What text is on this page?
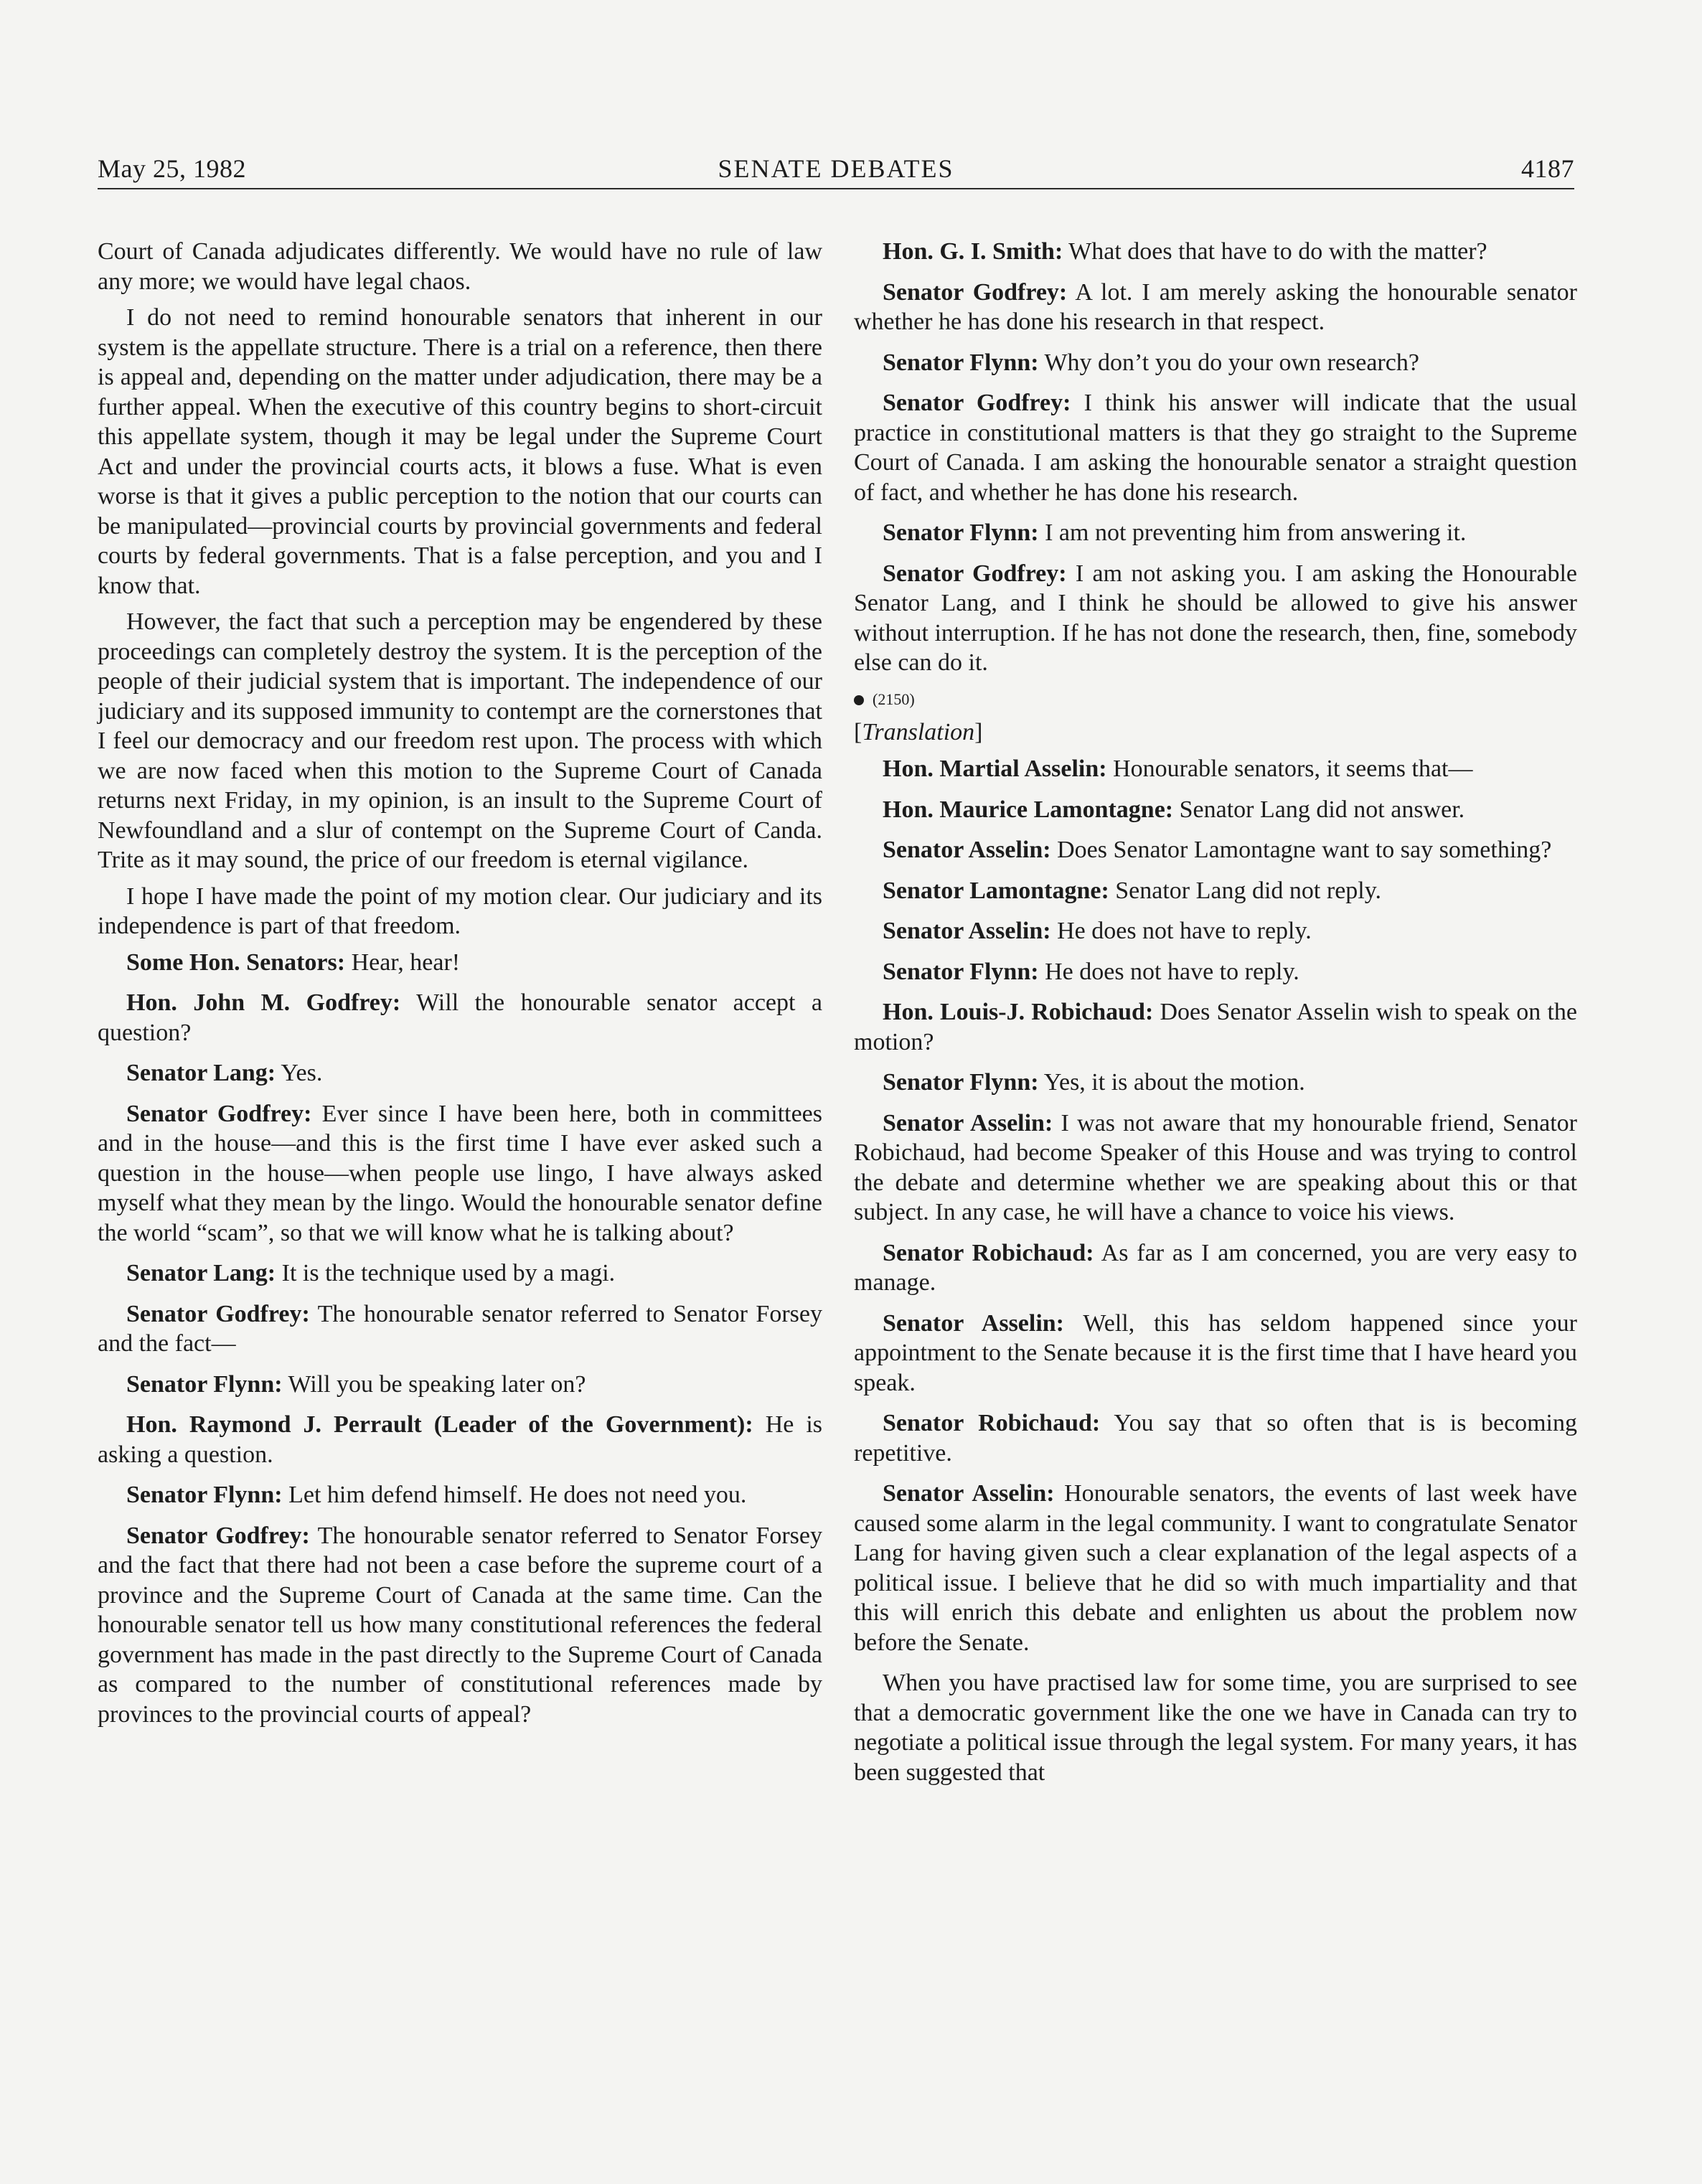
May 25, 1982	SENATE DEBATES	4187

Court of Canada adjudicates differently. We would have no rule of law any more; we would have legal chaos.

I do not need to remind honourable senators that inherent in our system is the appellate structure. There is a trial on a reference, then there is appeal and, depending on the matter under adjudication, there may be a further appeal. When the executive of this country begins to short-circuit this appellate system, though it may be legal under the Supreme Court Act and under the provincial courts acts, it blows a fuse. What is even worse is that it gives a public perception to the notion that our courts can be manipulated—provincial courts by provincial governments and federal courts by federal governments. That is a false perception, and you and I know that.

However, the fact that such a perception may be engendered by these proceedings can completely destroy the system. It is the perception of the people of their judicial system that is important. The independence of our judiciary and its supposed immunity to contempt are the cornerstones that I feel our democracy and our freedom rest upon. The process with which we are now faced when this motion to the Supreme Court of Canada returns next Friday, in my opinion, is an insult to the Supreme Court of Newfoundland and a slur of contempt on the Supreme Court of Canda. Trite as it may sound, the price of our freedom is eternal vigilance.

I hope I have made the point of my motion clear. Our judiciary and its independence is part of that freedom.

Some Hon. Senators: Hear, hear!

Hon. John M. Godfrey: Will the honourable senator accept a question?

Senator Lang: Yes.

Senator Godfrey: Ever since I have been here, both in committees and in the house—and this is the first time I have ever asked such a question in the house—when people use lingo, I have always asked myself what they mean by the lingo. Would the honourable senator define the world “scam”, so that we will know what he is talking about?

Senator Lang: It is the technique used by a magi.

Senator Godfrey: The honourable senator referred to Senator Forsey and the fact—

Senator Flynn: Will you be speaking later on?

Hon. Raymond J. Perrault (Leader of the Government): He is asking a question.

Senator Flynn: Let him defend himself. He does not need you.

Senator Godfrey: The honourable senator referred to Senator Forsey and the fact that there had not been a case before the supreme court of a province and the Supreme Court of Canada at the same time. Can the honourable senator tell us how many constitutional references the federal government has made in the past directly to the Supreme Court of Canada as compared to the number of constitutional references made by provinces to the provincial courts of appeal?

Hon. G. I. Smith: What does that have to do with the matter?

Senator Godfrey: A lot. I am merely asking the honourable senator whether he has done his research in that respect.

Senator Flynn: Why don’t you do your own research?

Senator Godfrey: I think his answer will indicate that the usual practice in constitutional matters is that they go straight to the Supreme Court of Canada. I am asking the honourable senator a straight question of fact, and whether he has done his research.

Senator Flynn: I am not preventing him from answering it.

Senator Godfrey: I am not asking you. I am asking the Honourable Senator Lang, and I think he should be allowed to give his answer without interruption. If he has not done the research, then, fine, somebody else can do it.

(2150)
[Translation]

Hon. Martial Asselin: Honourable senators, it seems that—

Hon. Maurice Lamontagne: Senator Lang did not answer.

Senator Asselin: Does Senator Lamontagne want to say something?

Senator Lamontagne: Senator Lang did not reply.

Senator Asselin: He does not have to reply.

Senator Flynn: He does not have to reply.

Hon. Louis-J. Robichaud: Does Senator Asselin wish to speak on the motion?

Senator Flynn: Yes, it is about the motion.

Senator Asselin: I was not aware that my honourable friend, Senator Robichaud, had become Speaker of this House and was trying to control the debate and determine whether we are speaking about this or that subject. In any case, he will have a chance to voice his views.

Senator Robichaud: As far as I am concerned, you are very easy to manage.

Senator Asselin: Well, this has seldom happened since your appointment to the Senate because it is the first time that I have heard you speak.

Senator Robichaud: You say that so often that is is becoming repetitive.

Senator Asselin: Honourable senators, the events of last week have caused some alarm in the legal community. I want to congratulate Senator Lang for having given such a clear explanation of the legal aspects of a political issue. I believe that he did so with much impartiality and that this will enrich this debate and enlighten us about the problem now before the Senate.

When you have practised law for some time, you are surprised to see that a democratic government like the one we have in Canada can try to negotiate a political issue through the legal system. For many years, it has been suggested that
